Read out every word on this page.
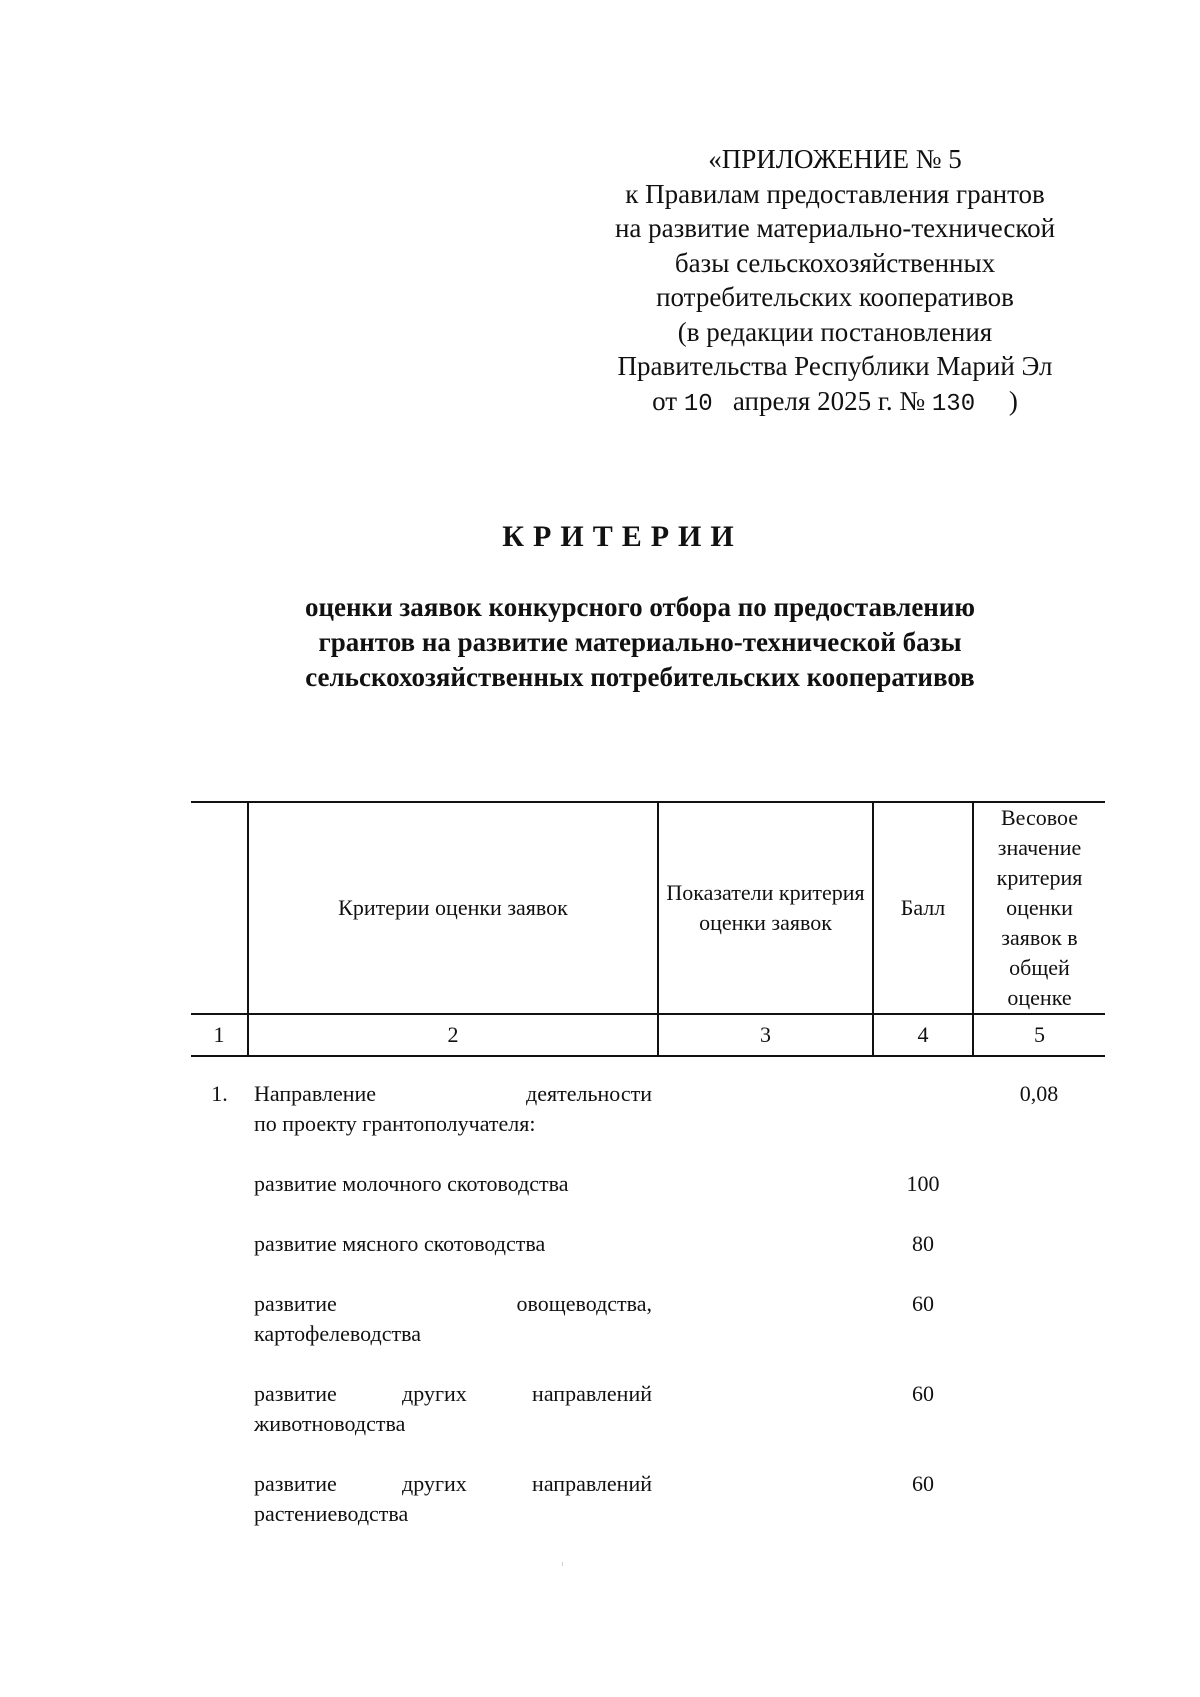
«ПРИЛОЖЕНИЕ № 5
к Правилам предоставления грантов
на развитие материально-технической
базы сельскохозяйственных
потребительских кооперативов
(в редакции постановления
Правительства Республики Марий Эл
от 10 апреля 2025 г. № 130 )
КРИТЕРИИ
оценки заявок конкурсного отбора по предоставлению
грантов на развитие материально-технической базы
сельскохозяйственных потребительских кооперативов
	Критерии оценки заявок	Показатели критерия оценки заявок	Балл	Весовое значение критерия оценки заявок в общей оценке
1	2	3	4	5
1.	Направление деятельности
по проекту грантополучателя:			0,08
	развитие молочного скотоводства		100	
	развитие мясного скотоводства		80	

	развитие овощеводства,
картофелеводства		60	

	развитие других направлений
животноводства		60	

	развитие других направлений
растениеводства		60	
